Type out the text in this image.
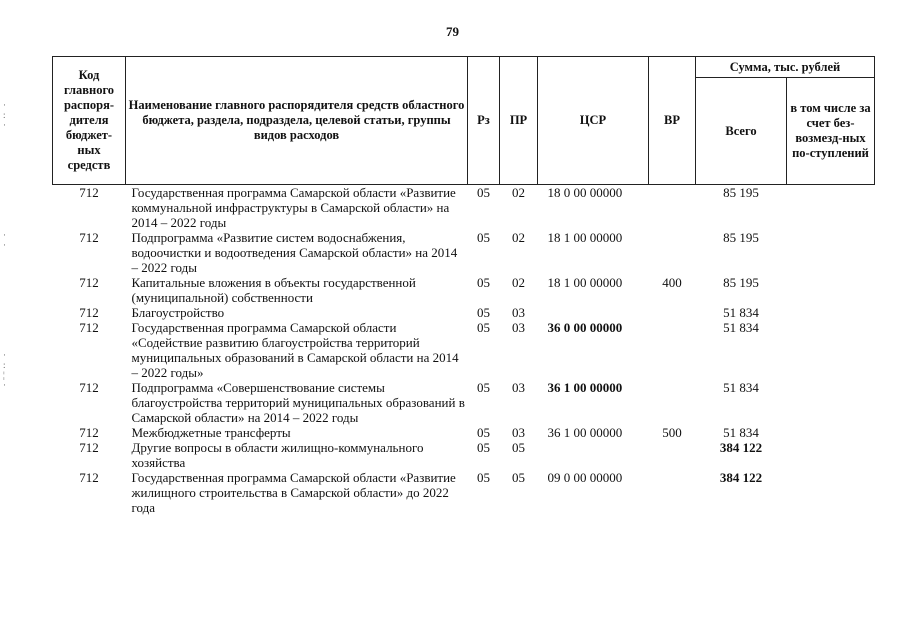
·
:
·
·
·
·
:
¦
·
79
Код главного распоря-дителя бюджет-ных средств	Наименование главного распорядителя средств областного бюджета, раздела, подраздела, целевой статьи, группы видов расходов	Рз	ПР	ЦСР	ВР	Сумма, тыс. рублей	
						Всего	в том числе за счет без-возмезд-ных по-ступлений
712	Государственная программа Самарской области «Развитие коммунальной инфраструктуры в Самарской области» на 2014 – 2022 годы	05	02	18 0 00 00000		85 195	
712	Подпрограмма «Развитие систем водоснабжения, водоочистки и водоотведения Самарской области» на 2014 – 2022 годы	05	02	18 1 00 00000		85 195	
712	Капитальные вложения в объекты государственной (муниципальной) собственности	05	02	18 1 00 00000	400	85 195	
712	Благоустройство	05	03			51 834	
712	Государственная программа Самарской области «Содействие развитию благоустройства территорий муниципальных образований в Самарской области на 2014 – 2022 годы»	05	03	36 0 00 00000		51 834	
712	Подпрограмма «Совершенствование системы благоустройства территорий муниципальных образований в Самарской области» на 2014 – 2022 годы	05	03	36 1 00 00000		51 834	
712	Межбюджетные трансферты	05	03	36 1 00 00000	500	51 834	
712	Другие вопросы в области жилищно-коммунального хозяйства	05	05			384 122	
712	Государственная программа Самарской области «Развитие жилищного строительства в Самарской области» до 2022 года	05	05	09 0 00 00000		384 122	
